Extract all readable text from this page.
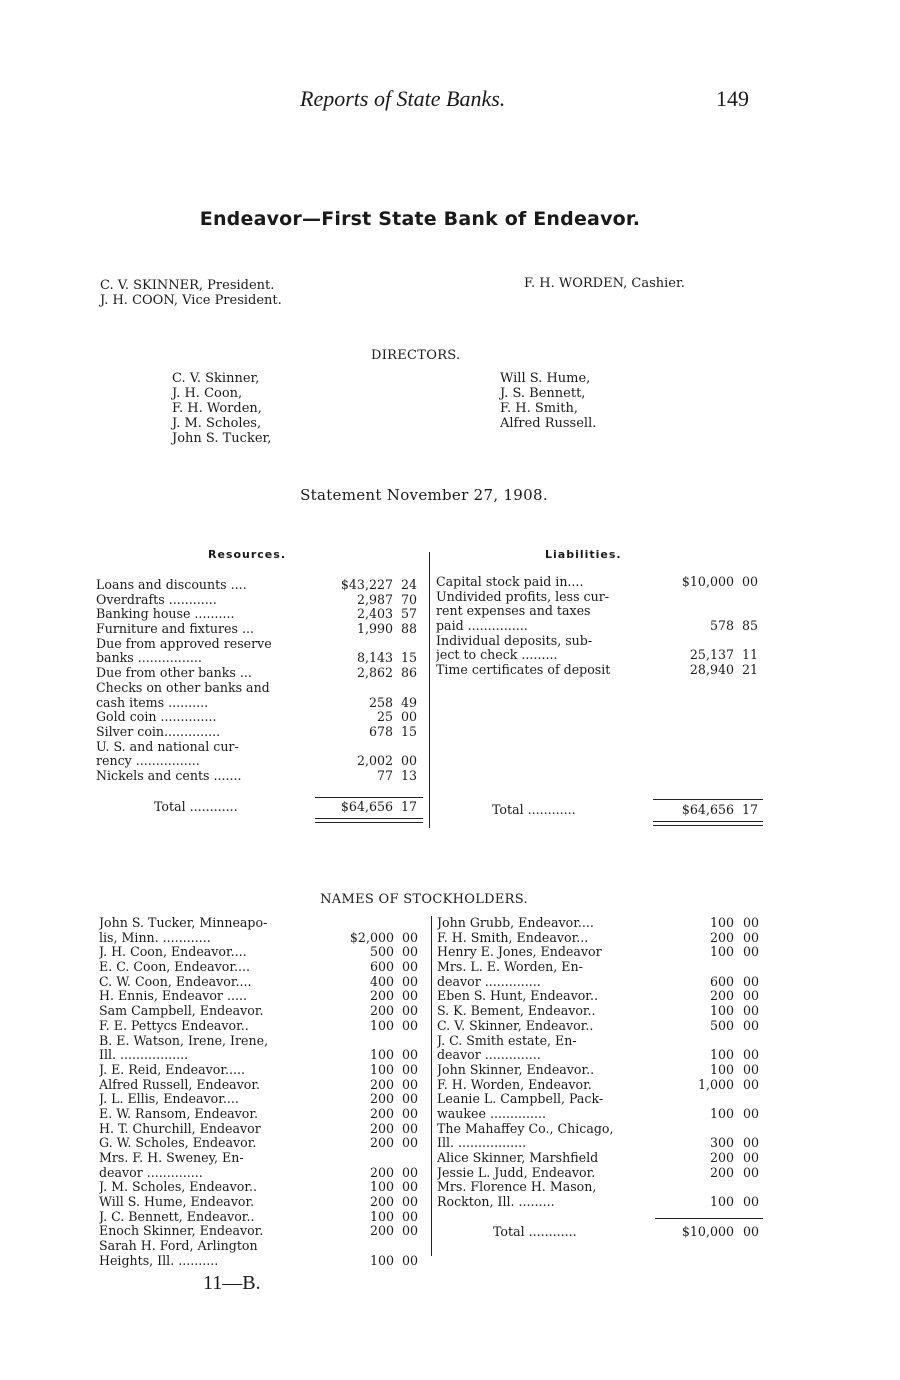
Reports of State Banks.	149
Endeavor—First State Bank of Endeavor.
C. V. SKINNER, President.
J. H. COON, Vice President.
F. H. WORDEN, Cashier.
DIRECTORS.
C. V. Skinner,
J. H. Coon,
F. H. Worden,
J. M. Scholes,
John S. Tucker,
Will S. Hume,
J. S. Bennett,
F. H. Smith,
Alfred Russell.
Statement November 27, 1908.
Resources.	Liabilities.
Loans and discounts ....	$43,227 24
Overdrafts ............	2,987 70
Banking house ..........	2,403 57
Furniture and fixtures ...	1,990 88
Due from approved reserve
banks ................	8,143 15
Due from other banks ...	2,862 86
Checks on other banks and
cash items ..........	258 49
Gold coin ..............	25 00
Silver coin..............	678 15
U. S. and national cur-
rency ................	2,002 00
Nickels and cents .......	77 13
Total ............	$64,656 17
Capital stock paid in....	$10,000 00
Undivided profits, less cur-
rent expenses and taxes
paid ...............	578 85
Individual deposits, sub-
ject to check .........	25,137 11
Time certificates of deposit	28,940 21
Total ............	$64,656 17
NAMES OF STOCKHOLDERS.
John S. Tucker, Minneapo-
lis, Minn. ............	$2,000 00
J. H. Coon, Endeavor....	500 00
E. C. Coon, Endeavor....	600 00
C. W. Coon, Endeavor....	400 00
H. Ennis, Endeavor .....	200 00
Sam Campbell, Endeavor.	200 00
F. E. Pettycs Endeavor..	100 00
B. E. Watson, Irene, Irene,
Ill. .................	100 00
J. E. Reid, Endeavor.....	100 00
Alfred Russell, Endeavor.	200 00
J. L. Ellis, Endeavor....	200 00
E. W. Ransom, Endeavor.	200 00
H. T. Churchill, Endeavor	200 00
G. W. Scholes, Endeavor.	200 00
Mrs. F. H. Sweney, En-
deavor ..............	200 00
J. M. Scholes, Endeavor..	100 00
Will S. Hume, Endeavor.	200 00
J. C. Bennett, Endeavor..	100 00
Enoch Skinner, Endeavor.	200 00
Sarah H. Ford, Arlington
Heights, Ill. ..........	100 00
John Grubb, Endeavor....	100 00
F. H. Smith, Endeavor...	200 00
Henry E. Jones, Endeavor	100 00
Mrs. L. E. Worden, En-
deavor ..............	600 00
Eben S. Hunt, Endeavor..	200 00
S. K. Bement, Endeavor..	100 00
C. V. Skinner, Endeavor..	500 00
J. C. Smith estate, En-
deavor ..............	100 00
John Skinner, Endeavor..	100 00
F. H. Worden, Endeavor.	1,000 00
Leanie L. Campbell, Pack-
waukee ..............	100 00
The Mahaffey Co., Chicago,
Ill. .................	300 00
Alice Skinner, Marshfield	200 00
Jessie L. Judd, Endeavor.	200 00
Mrs. Florence H. Mason,
Rockton, Ill. .........	100 00
Total ............	$10,000 00
11—B.
